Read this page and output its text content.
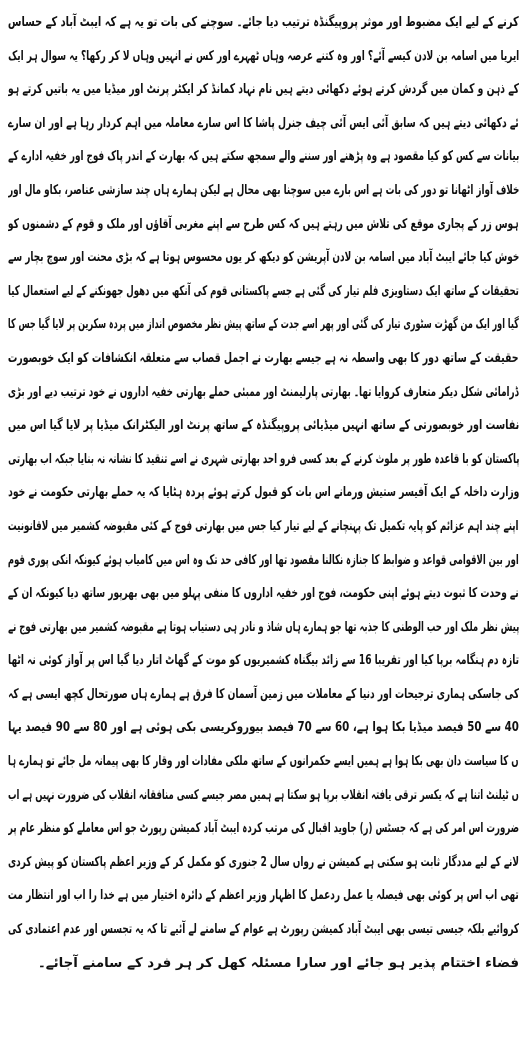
کرنے کے لیے ایک مضبوط اور موثر پروپیگنڈہ ترتیب دیا جائے۔ سوچنے کی بات تو یہ ہے کہ ایبٹ آباد کے حساس
ایریا میں اسامہ بن لادن کیسے آئے؟ اور وہ کتنے عرصہ وہاں ٹھہرے اور کس نے انہیں وہاں لا کر رکھا؟ یہ سوال ہر ایک
کے ذہن و کمان میں گردش کرتے ہوئے دکھائی دیتے ہیں نام نہاد کمانڈ کر ایکٹر پرنٹ اور میڈیا میں یہ باتیں کرتے ہو
ئے دکھائی دیتے ہیں کہ سابق آئی ایس آئی چیف جنرل پاشا کا اس سارے معاملہ میں اہم کردار رہا ہے اور ان سارے
بیانات سے کس کو کیا مقصود ہے وہ پڑھنے اور سننے والے سمجھ سکتے ہیں کہ بھارت کے اندر پاک فوج اور خفیہ ادارے کے
خلاف آواز اٹھانا تو دور کی بات ہے اس بارے میں سوچنا بھی محال ہے لیکن ہمارے ہاں چند سازشی عناصر، بکاو مال اور
ہوس زر کے پجاری موقع کی تلاش میں رہتے ہیں کہ کس طرح سے اپنے مغربی آقاؤں اور ملک و قوم کے دشمنوں کو
خوش کیا جائے ایبٹ آباد میں اسامہ بن لادن آپریشن کو دیکھ کر یوں محسوس ہوتا ہے کہ بڑی محنت اور سوچ بچار سے
تحقیقات کے ساتھ ایک دستاویزی فلم تیار کی گئی ہے جسے پاکستانی قوم کی آنکھ میں دھول جھونکنے کے لیے استعمال کیا
گیا اور ایک من گھڑت سٹوری تیار کی گئی اور پھر اسے جدت کے ساتھ پیش نظر مخصوص انداز میں پردہ سکرین پر لایا گیا جس کا
حقیقت کے ساتھ دور کا بھی واسطہ نہ ہے جیسے بھارت نے اجمل قصاب سے متعلقہ انکشافات کو ایک خوبصورت
ڈرامائی شکل دیکر متعارف کروایا تھا۔ بھارتی پارلیمنٹ اور ممبئی حملے بھارتی خفیہ اداروں نے خود ترتیب دیے اور بڑی
نفاست اور خوبصورتی کے ساتھ انہیں میڈیائی پروپیگنڈہ کے ساتھ پرنٹ اور الیکٹرانک میڈیا پر لایا گیا اس میں
پاکستان کو با قاعدہ طور پر ملوث کرنے کے بعد کسی فرو احد بھارتی شہری نے اسے تنقید کا نشانہ نہ بنایا جبکہ اب بھارتی
وزارت داخلہ کے ایک آفیسر ستیش ورمانے اس بات کو قبول کرتے ہوئے پردہ ہٹایا کہ یہ حملے بھارتی حکومت نے خود
اپنے چند اہم عزائم کو پایہ تکمیل تک پہنچانے کے لیے تیار کیا جس میں بھارتی فوج کے کئی مقبوضہ کشمیر میں لاقانونیت
اور بین الاقوامی قواعد و ضوابط کا جنازہ نکالنا مقصود تھا اور کافی حد تک وہ اس میں کامیاب ہوئے کیونکہ انکی پوری قوم
نے وحدت کا ثبوت دیتے ہوئے اپنی حکومت، فوج اور خفیہ اداروں کا منفی پہلو میں بھی بھرپور ساتھ دیا کیونکہ ان کے
پیش نظر ملک اور حب الوطنی کا جذبہ تھا جو ہمارے ہاں شاذ و نادر ہی دستیاب ہوتا ہے مقبوضہ کشمیر میں بھارتی فوج نے
تازہ دم ہنگامہ برپا کیا اور تقریبا 16 سے زائد بیگناہ کشمیریوں کو موت کے گھاٹ اتار دیا گیا اس پر آواز کوئی نہ اٹھا
کی جاسکی ہماری ترجیحات اور دنیا کے معاملات میں زمین آسمان کا فرق ہے ہمارے ہاں صورتحال کچھ ایسی ہے کہ
40 سے 50 فیصد میڈیا بکا ہوا ہے، 60 سے 70 فیصد بیوروکریسی بکی ہوئی ہے اور 80 سے 90 فیصد یہا
ں کا سیاست دان بھی بکا ہوا ہے ہمیں ایسے حکمرانوں کے ساتھ ملکی مفادات اور وقار کا بھی پیمانہ مل جائے تو ہمارے ہا
ں ٹیلنٹ اتنا ہے کہ یکسر ترقی یافتہ انقلاب برپا ہو سکتا ہے ہمیں مصر جیسے کسی منافقانہ انقلاب کی ضرورت نہیں ہے اب
ضرورت اس امر کی ہے کہ جسٹس (ر) جاوید اقبال کی مرتب کردہ ایبٹ آباد کمیشن رپورٹ جو اس معاملے کو منظر عام پر
لانے کے لیے مددگار ثابت ہو سکتی ہے کمیشن نے رواں سال 2 جنوری کو مکمل کر کے وزیر اعظم پاکستان کو پیش کردی
تھی اب اس پر کوئی بھی فیصلہ یا عمل ردعمل کا اظہار وزیر اعظم کے دائرہ اختیار میں ہے خدا را اب اور انتظار مت
کروائیے بلکہ جیسی تیسی بھی ایبٹ آباد کمیشن رپورٹ ہے عوام کے سامنے لے آئیے تا کہ یہ تجسس اور عدم اعتمادی کی
فضاء اختتام پذیر ہو جائے اور سارا مسئلہ کھل کر ہر فرد کے سامنے آجائے۔
